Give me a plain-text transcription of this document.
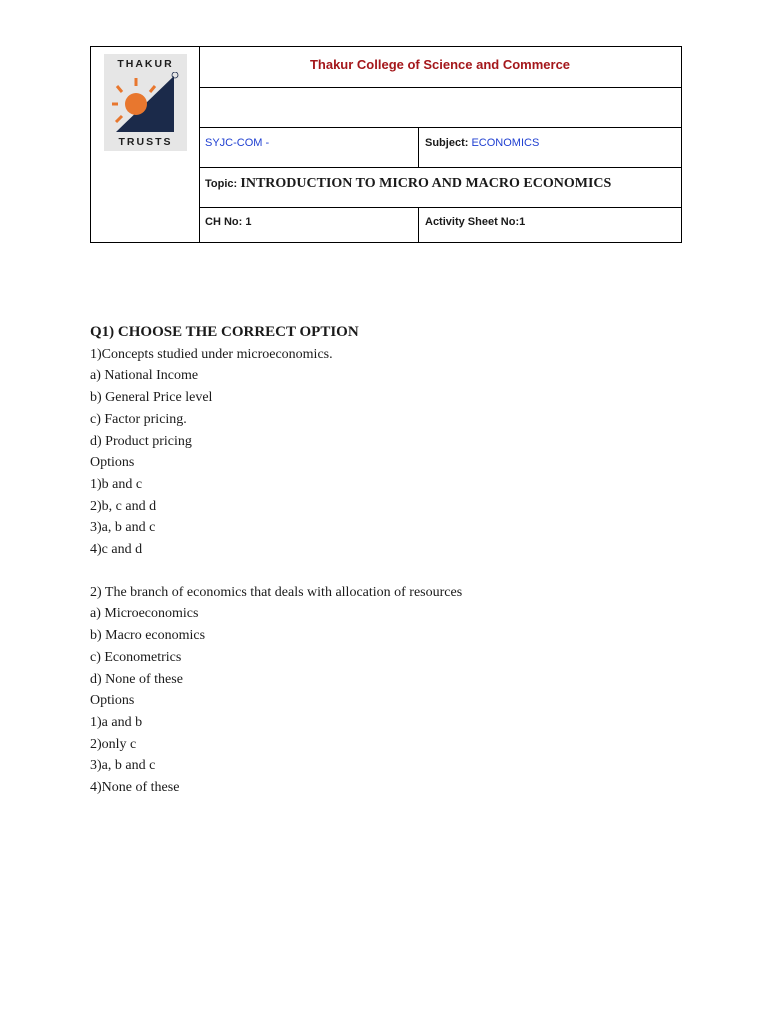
THAKUR
TRUSTS
Thakur College of Science and Commerce
SYJC-COM -	Subject: ECONOMICS
Topic: INTRODUCTION TO MICRO AND MACRO ECONOMICS
CH No: 1	Activity Sheet No:1
Q1) CHOOSE THE CORRECT OPTION
1)Concepts studied under microeconomics.
a) National Income
b) General Price level
c) Factor pricing.
d) Product pricing
Options
1)b and c
2)b, c and d
3)a, b and c
4)c and d
2) The branch of economics that deals with allocation of resources
a) Microeconomics
b) Macro economics
c) Econometrics
d) None of these
Options
1)a and b
2)only c
3)a, b and c
4)None of these
